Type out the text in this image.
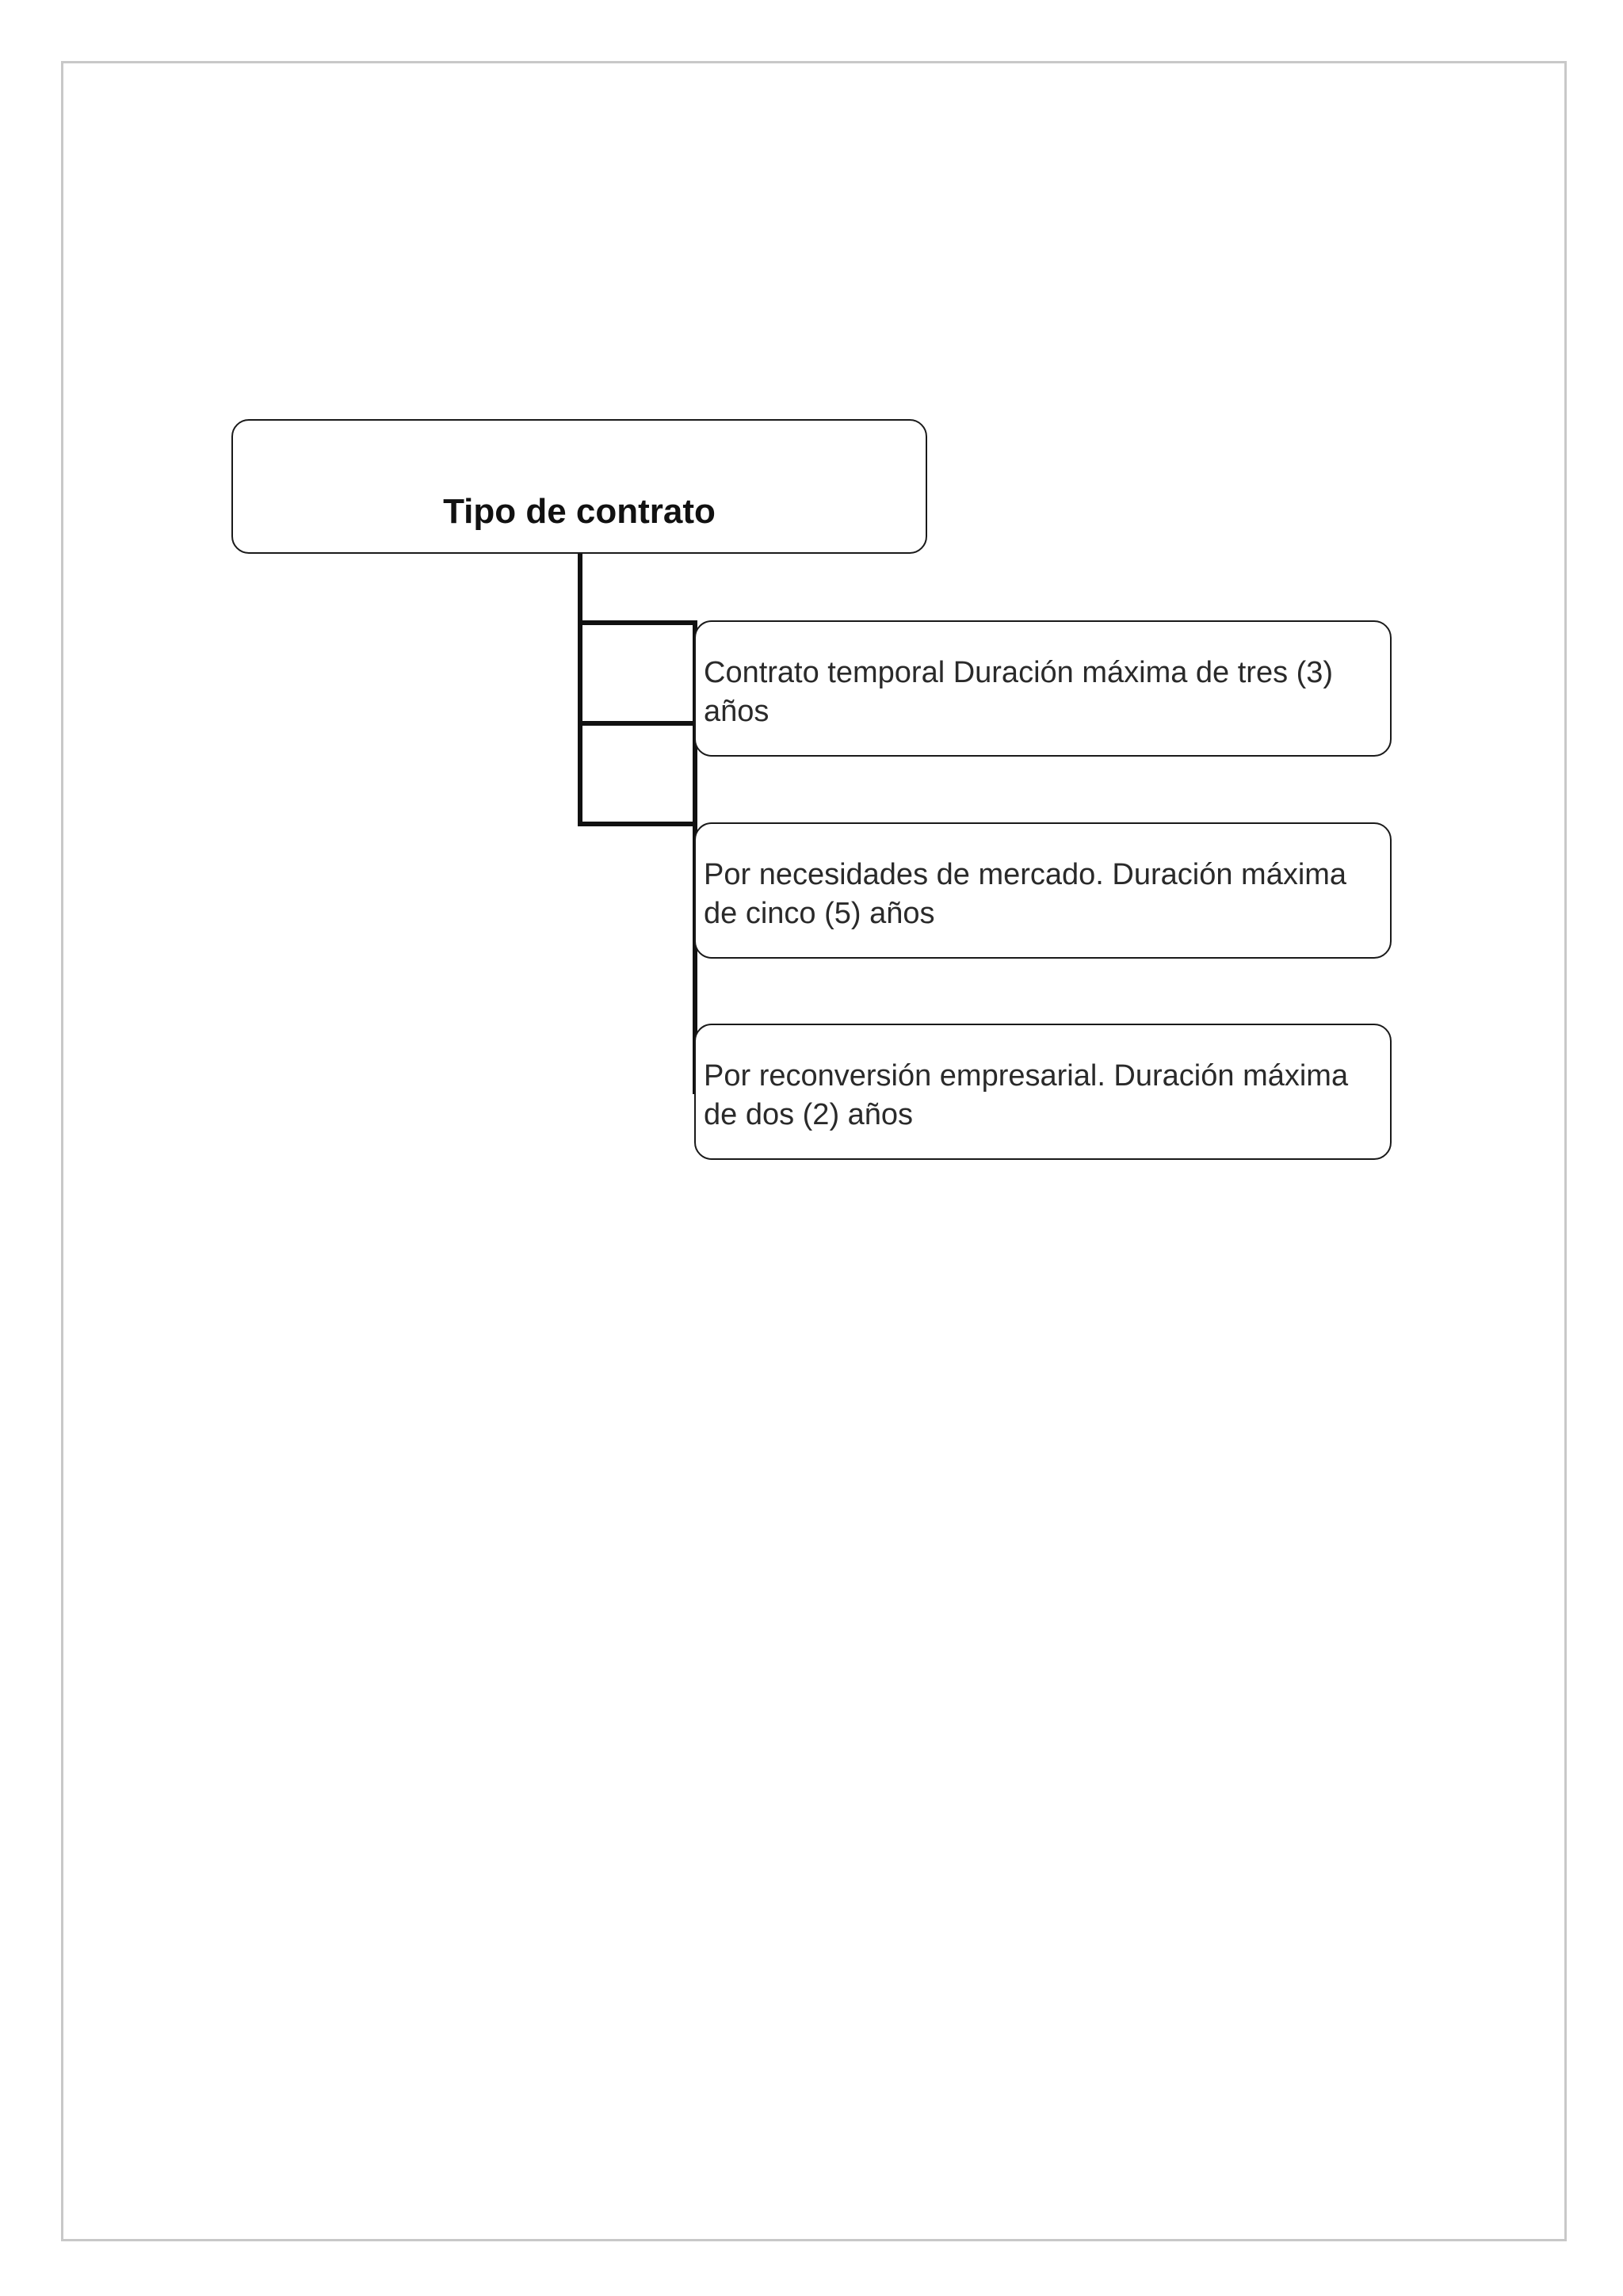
Tipo de contrato
Contrato temporal Duración máxima de tres (3) años
Por necesidades de mercado. Duración máxima de cinco (5) años
Por reconversión empresarial. Duración máxima de dos (2) años
